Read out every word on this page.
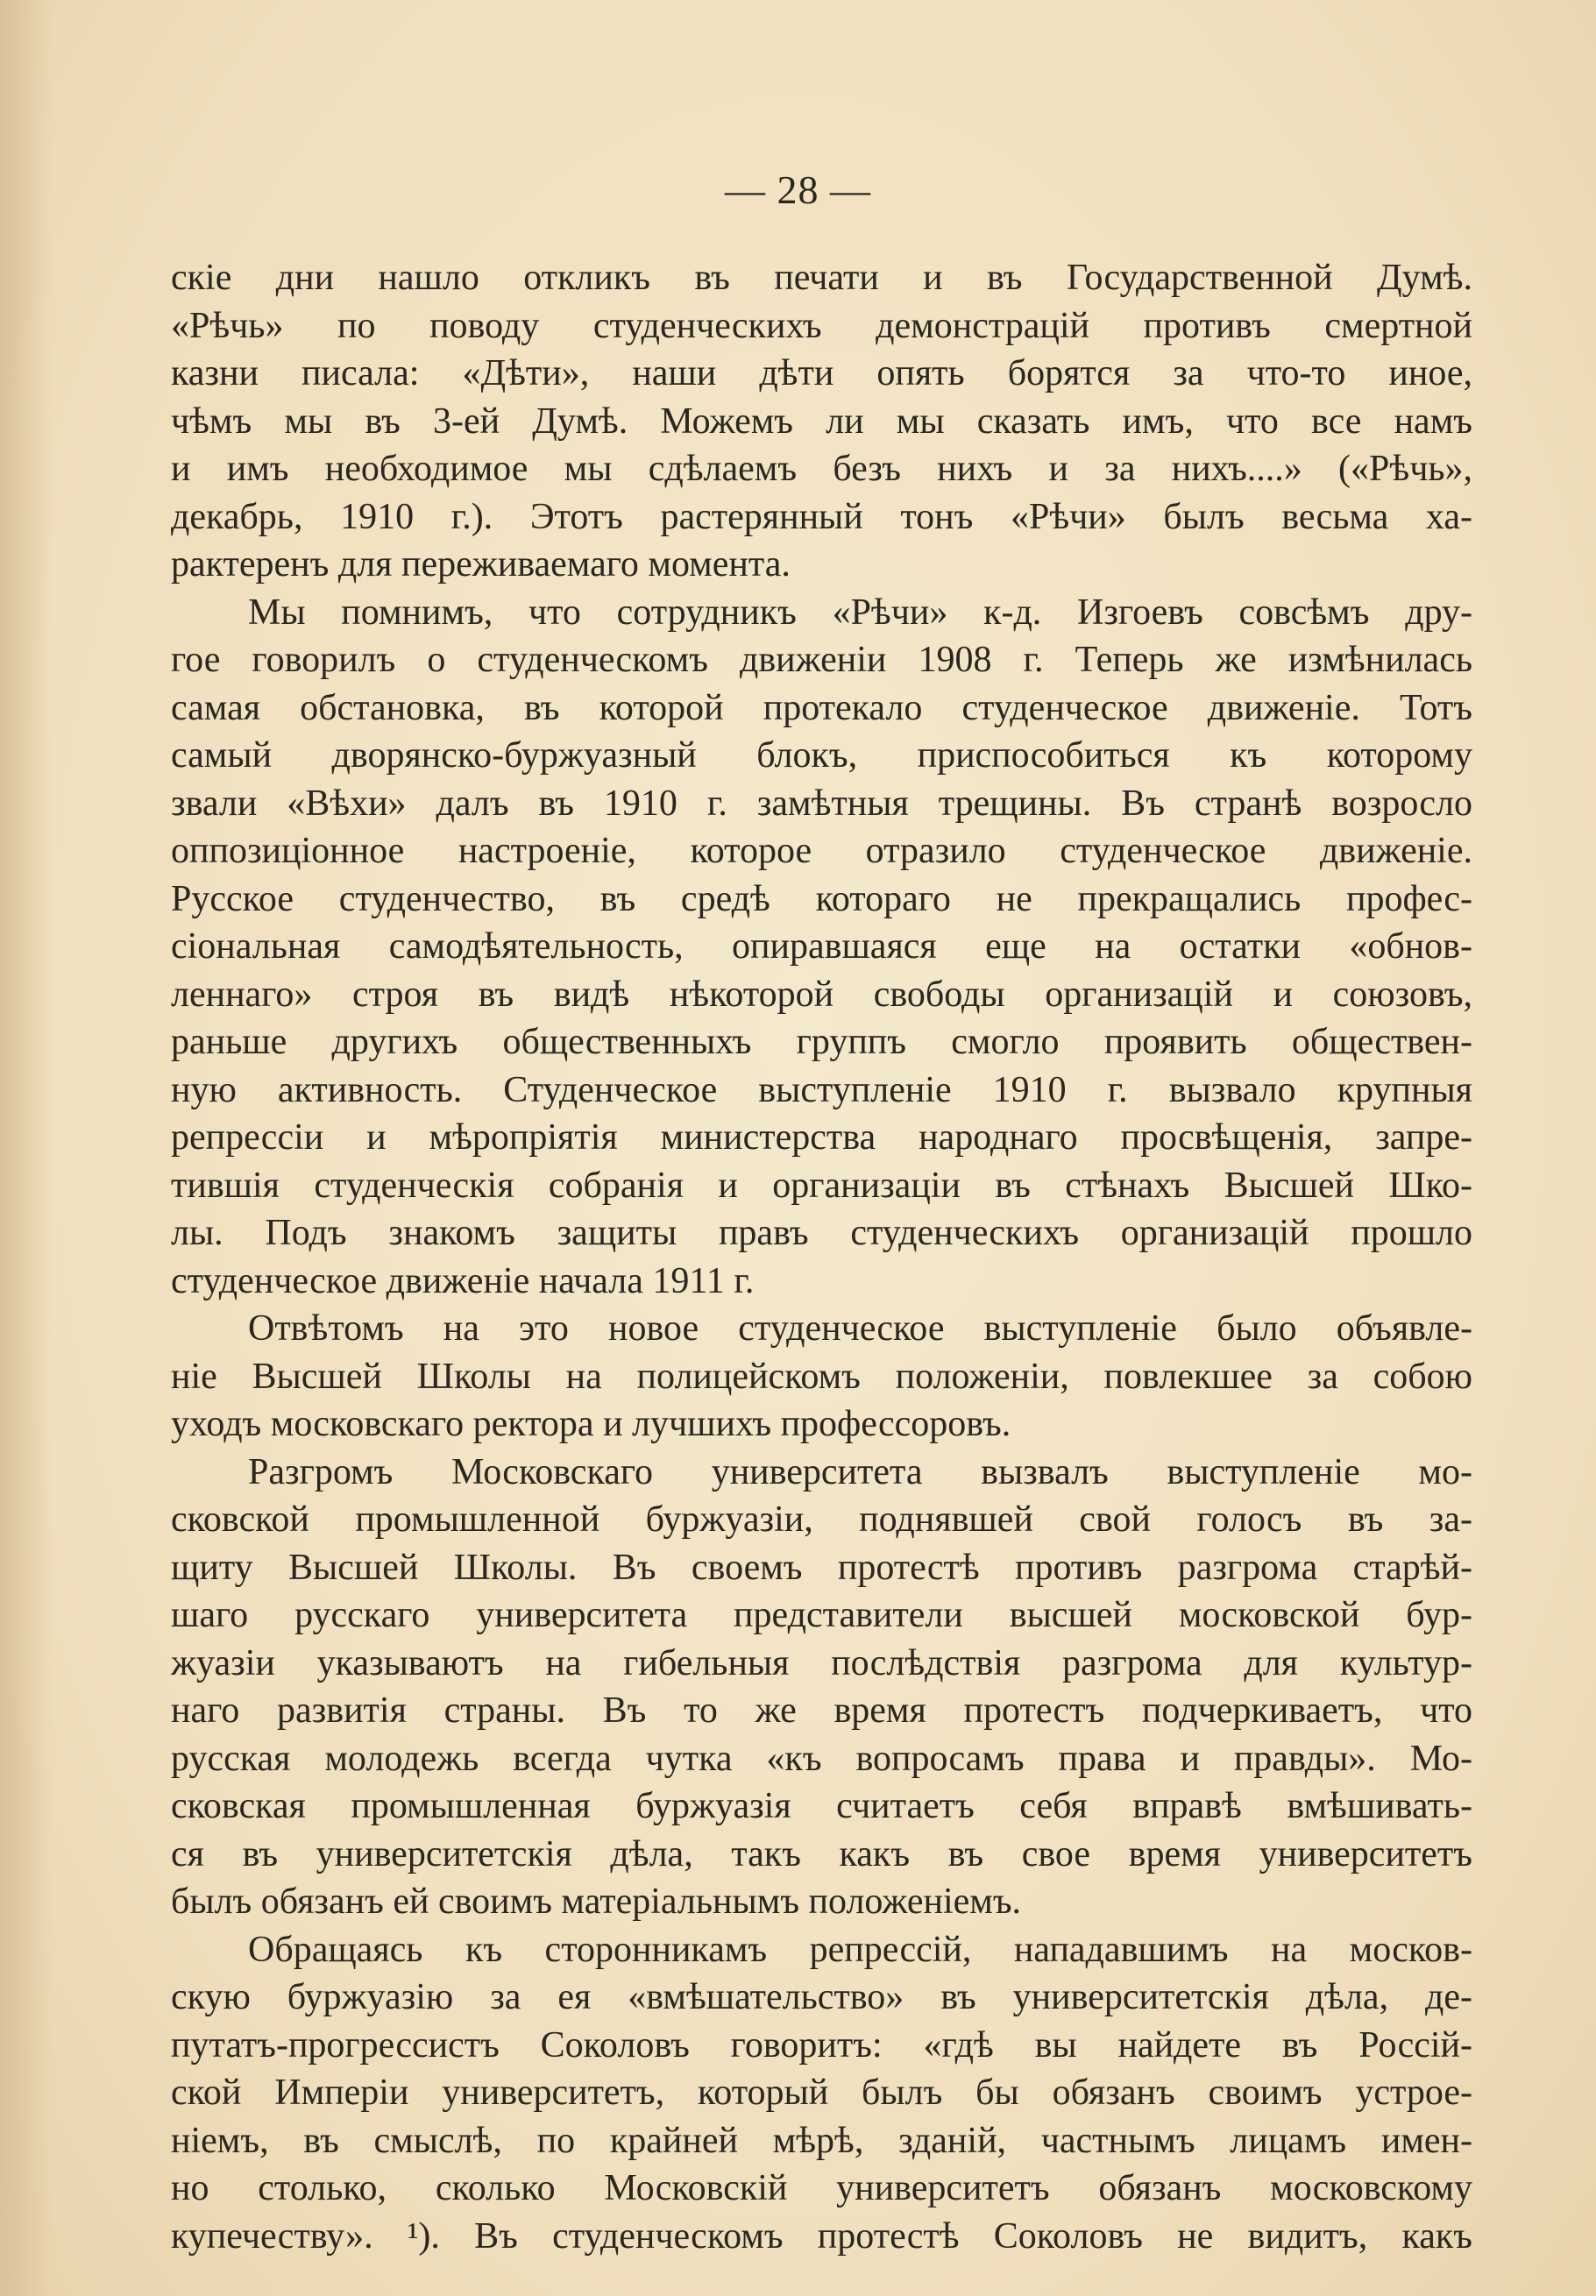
— 28 —
скіе дни нашло откликъ въ печати и въ Государственной Думѣ.
«Рѣчь» по поводу студенческихъ демонстрацій противъ смертной
казни писала: «Дѣти», наши дѣти опять борятся за что-то иное,
чѣмъ мы въ 3-ей Думѣ. Можемъ ли мы сказать имъ, что все намъ
и имъ необходимое мы сдѣлаемъ безъ нихъ и за нихъ....» («Рѣчь»,
декабрь, 1910 г.). Этотъ растерянный тонъ «Рѣчи» былъ весьма ха-
рактеренъ для переживаемаго момента.
Мы помнимъ, что сотрудникъ «Рѣчи» к-д. Изгоевъ совсѣмъ дру-
гое говорилъ о студенческомъ движеніи 1908 г. Теперь же измѣнилась
самая обстановка, въ которой протекало студенческое движеніе. Тотъ
самый дворянско-буржуазный блокъ, приспособиться къ которому
звали «Вѣхи» далъ въ 1910 г. замѣтныя трещины. Въ странѣ возросло
оппозиціонное настроеніе, которое отразило студенческое движеніе.
Русское студенчество, въ средѣ котораго не прекращались профес-
сіональная самодѣятельность, опиравшаяся еще на остатки «обнов-
леннаго» строя въ видѣ нѣкоторой свободы организацій и союзовъ,
раньше другихъ общественныхъ группъ смогло проявить обществен-
ную активность. Студенческое выступленіе 1910 г. вызвало крупныя
репрессіи и мѣропріятія министерства народнаго просвѣщенія, запре-
тившія студенческія собранія и организаціи въ стѣнахъ Высшей Шко-
лы. Подъ знакомъ защиты правъ студенческихъ организацій прошло
студенческое движеніе начала 1911 г.
Отвѣтомъ на это новое студенческое выступленіе было объявле-
ніе Высшей Школы на полицейскомъ положеніи, повлекшее за собою
уходъ московскаго ректора и лучшихъ профессоровъ.
Разгромъ Московскаго университета вызвалъ выступленіе мо-
сковской промышленной буржуазіи, поднявшей свой голосъ въ за-
щиту Высшей Школы. Въ своемъ протестѣ противъ разгрома старѣй-
шаго русскаго университета представители высшей московской бур-
жуазіи указываютъ на гибельныя послѣдствія разгрома для культур-
наго развитія страны. Въ то же время протестъ подчеркиваетъ, что
русская молодежь всегда чутка «къ вопросамъ права и правды». Мо-
сковская промышленная буржуазія считаетъ себя вправѣ вмѣшивать-
ся въ университетскія дѣла, такъ какъ въ свое время университетъ
былъ обязанъ ей своимъ матеріальнымъ положеніемъ.
Обращаясь къ сторонникамъ репрессій, нападавшимъ на москов-
скую буржуазію за ея «вмѣшательство» въ университетскія дѣла, де-
путатъ-прогрессистъ Соколовъ говоритъ: «гдѣ вы найдете въ Россій-
ской Имперіи университетъ, который былъ бы обязанъ своимъ устрое-
ніемъ, въ смыслѣ, по крайней мѣрѣ, зданій, частнымъ лицамъ имен-
но столько, сколько Московскій университетъ обязанъ московскому
купечеству». ¹). Въ студенческомъ протестѣ Соколовъ не видитъ, какъ
